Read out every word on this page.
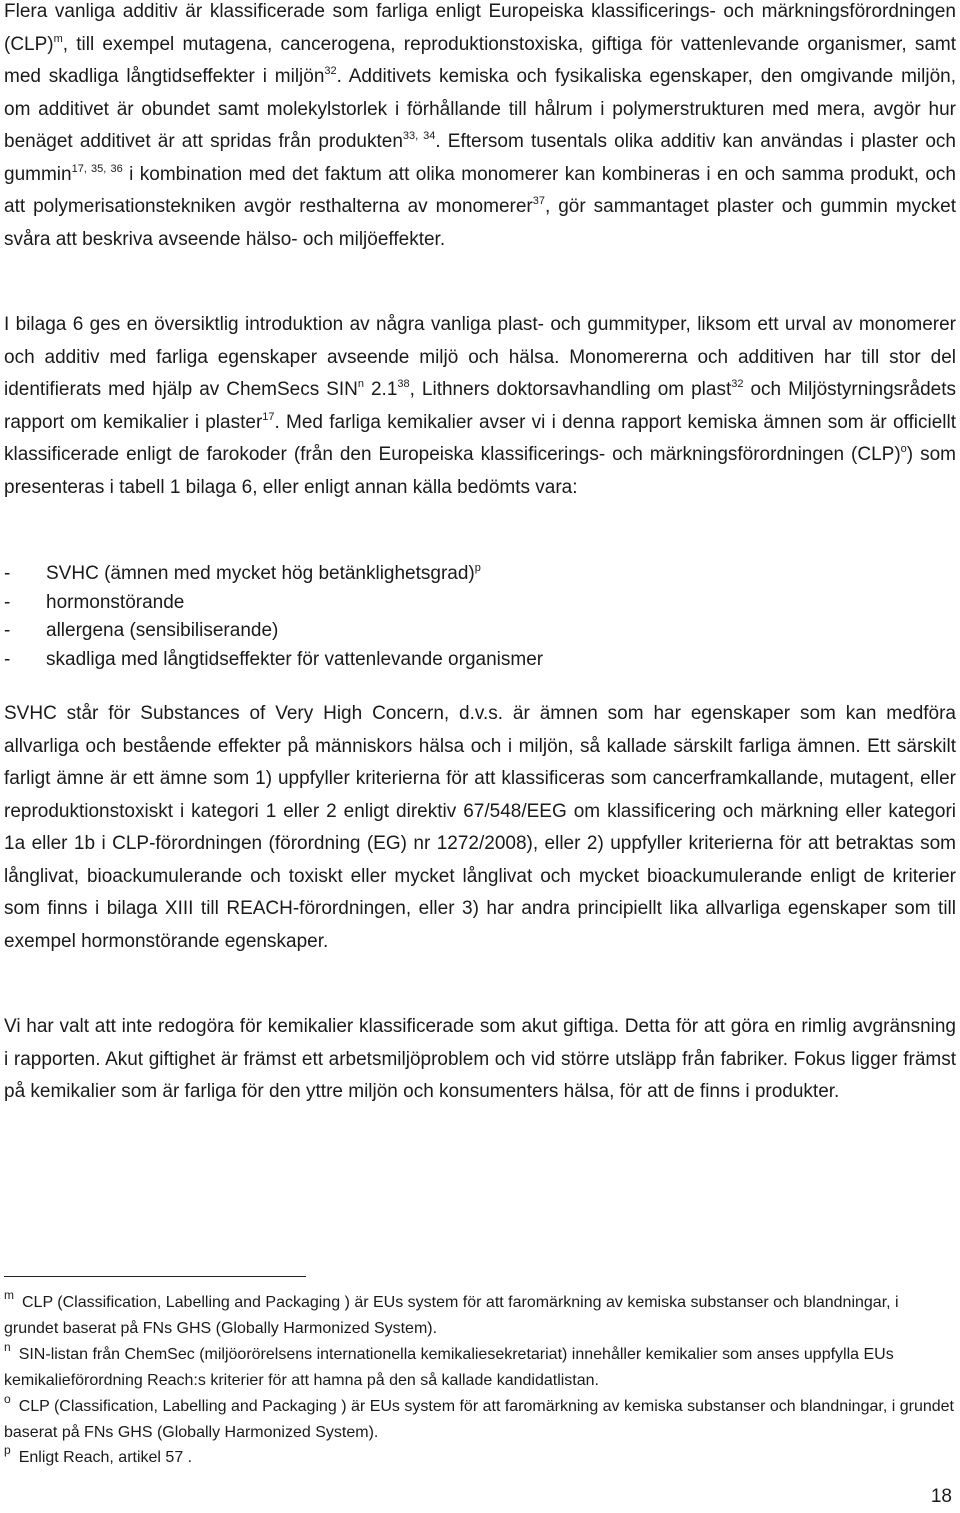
Flera vanliga additiv är klassificerade som farliga enligt Europeiska klassificerings- och märkningsförordningen (CLP)$^m$, till exempel mutagena, cancerogena, reproduktionstoxiska, giftiga för vattenlevande organismer, samt med skadliga långtidseffekter i miljön$^{32}$. Additivets kemiska och fysikaliska egenskaper, den omgivande miljön, om additivet är obundet samt molekylstorlek i förhållande till hålrum i polymerstrukturen med mera, avgör hur benäget additivet är att spridas från produkten$^{33, 34}$. Eftersom tusentals olika additiv kan användas i plaster och gummin$^{17, 35, 36}$ i kombination med det faktum att olika monomerer kan kombineras i en och samma produkt, och att polymerisationstekniken avgör resthalterna av monomerer$^{37}$, gör sammantaget plaster och gummin mycket svåra att beskriva avseende hälso- och miljöeffekter.

I bilaga 6 ges en översiktlig introduktion av några vanliga plast- och gummityper, liksom ett urval av monomerer och additiv med farliga egenskaper avseende miljö och hälsa. Monomererna och additiven har till stor del identifierats med hjälp av ChemSecs SIN$^n$ $2.1^{38}$, Lithners doktorsavhandling om plast$^{32}$ och Miljöstyrningsrådets rapport om kemikalier i plaster$^{17}$. Med farliga kemikalier avser vi i denna rapport kemiska ämnen som är officiellt klassificerade enligt de farokoder (från den Europeiska klassificerings- och märkningsförordningen (CLP)$^o$) som presenteras i tabell 1 bilaga 6, eller enligt annan källa bedömts vara:

-	SVHC (ämnen med mycket hög betänklighetsgrad)$^p$
-	hormonstörande
-	allergena (sensibiliserande)
-	skadliga med långtidseffekter för vattenlevande organismer

SVHC står för Substances of Very High Concern, d.v.s. är ämnen som har egenskaper som kan medföra allvarliga och bestående effekter på människors hälsa och i miljön, så kallade särskilt farliga ämnen. Ett särskilt farligt ämne är ett ämne som 1) uppfyller kriterierna för att klassificeras som cancerframkallande, mutagent, eller reproduktionstoxiskt i kategori 1 eller 2 enligt direktiv 67/548/EEG om klassificering och märkning eller kategori 1a eller 1b i CLP-förordningen (förordning (EG) nr 1272/2008), eller 2) uppfyller kriterierna för att betraktas som långlivat, bioackumulerande och toxiskt eller mycket långlivat och mycket bioackumulerande enligt de kriterier som finns i bilaga XIII till REACH-förordningen, eller 3) har andra principiellt lika allvarliga egenskaper som till exempel hormonstörande egenskaper.

Vi har valt att inte redogöra för kemikalier klassificerade som akut giftiga. Detta för att göra en rimlig avgränsning i rapporten. Akut giftighet är främst ett arbetsmiljöproblem och vid större utsläpp från fabriker. Fokus ligger främst på kemikalier som är farliga för den yttre miljön och konsumenters hälsa, för att de finns i produkter.

$^m$ CLP (Classification, Labelling and Packaging ) är EUs system för att faromärkning av kemiska substanser och blandningar, i grundet baserat på FNs GHS (Globally Harmonized System).
$^n$ SIN-listan från ChemSec (miljöorörelsens internationella kemikaliesekretariat) innehåller kemikalier som anses uppfylla EUs kemikalieförordning Reach:s kriterier för att hamna på den så kallade kandidatlistan.
$^o$ CLP (Classification, Labelling and Packaging ) är EUs system för att faromärkning av kemiska substanser och blandningar, i grundet baserat på FNs GHS (Globally Harmonized System).
$^p$ Enligt Reach, artikel 57 .
18
